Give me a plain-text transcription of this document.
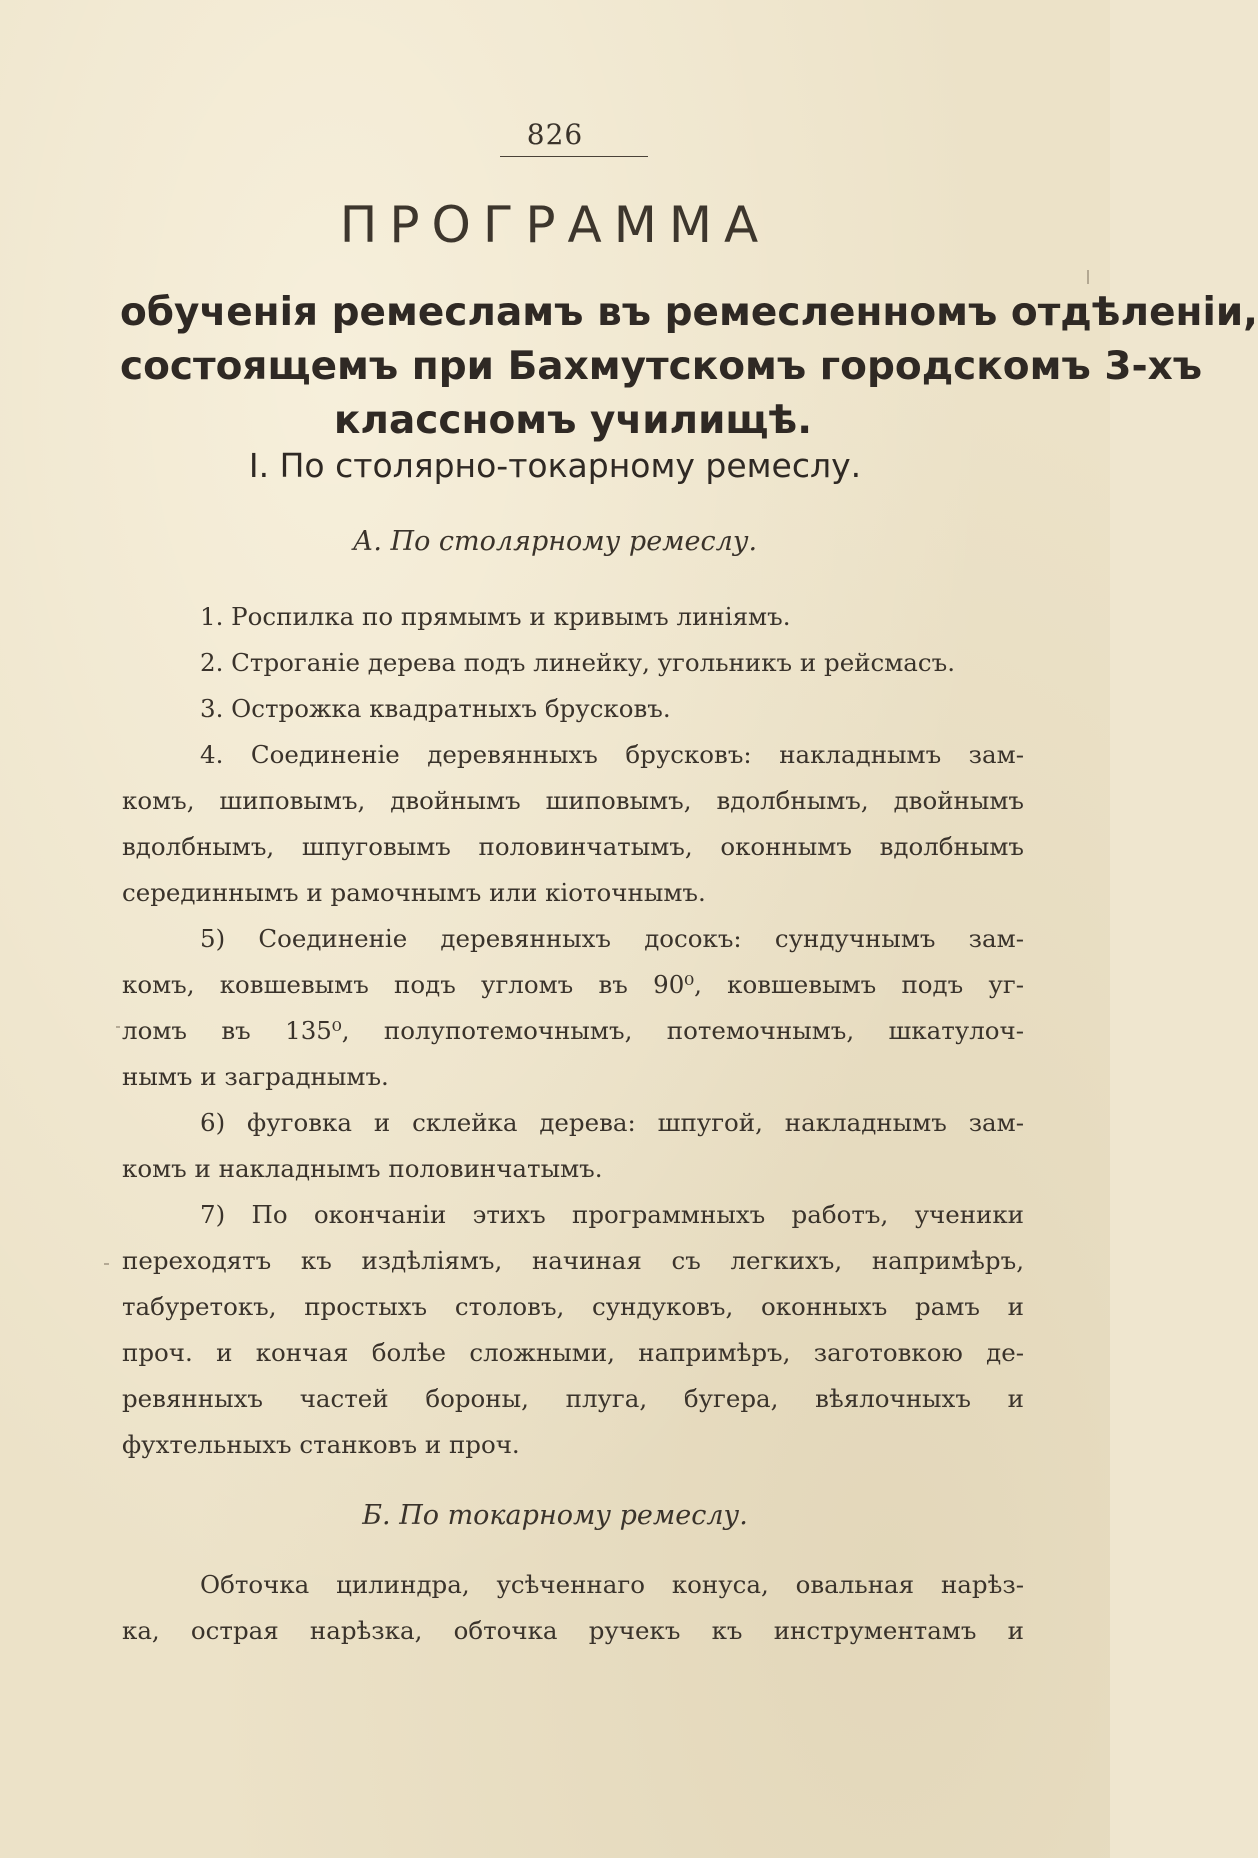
826
ПРОГРАММА
обученія ремесламъ въ ремесленномъ отдѣленіи,
состоящемъ при Бахмутскомъ городскомъ 3-хъ
классномъ училищѣ.
I. По столярно-токарному ремеслу.
А. По столярному ремеслу.
1. Роспилка по прямымъ и кривымъ линіямъ.
2. Строганіе дерева подъ линейку, угольникъ и рейсмасъ.
3. Острожка квадратныхъ брусковъ.
4. Соединеніе деревянныхъ брусковъ: накладнымъ зам-
комъ, шиповымъ, двойнымъ шиповымъ, вдолбнымъ, двойнымъ
вдолбнымъ, шпуговымъ половинчатымъ, оконнымъ вдолбнымъ
серединнымъ и рамочнымъ или кіоточнымъ.
5) Соединеніе деревянныхъ досокъ: сундучнымъ зам-
комъ, ковшевымъ подъ угломъ въ 90⁰, ковшевымъ подъ уг-
ломъ въ 135⁰, полупотемочнымъ, потемочнымъ, шкатулоч-
нымъ и заграднымъ.
6) фуговка и склейка дерева: шпугой, накладнымъ зам-
комъ и накладнымъ половинчатымъ.
7) По окончаніи этихъ программныхъ работъ, ученики
переходятъ къ издѣліямъ, начиная съ легкихъ, напримѣръ,
табуретокъ, простыхъ столовъ, сундуковъ, оконныхъ рамъ и
проч. и кончая болѣе сложными, напримѣръ, заготовкою де-
ревянныхъ частей бороны, плуга, бугера, вѣялочныхъ и
фухтельныхъ станковъ и проч.
Б. По токарному ремеслу.
Обточка цилиндра, усѣченнаго конуса, овальная нарѣз-
ка, острая нарѣзка, обточка ручекъ къ инструментамъ и
